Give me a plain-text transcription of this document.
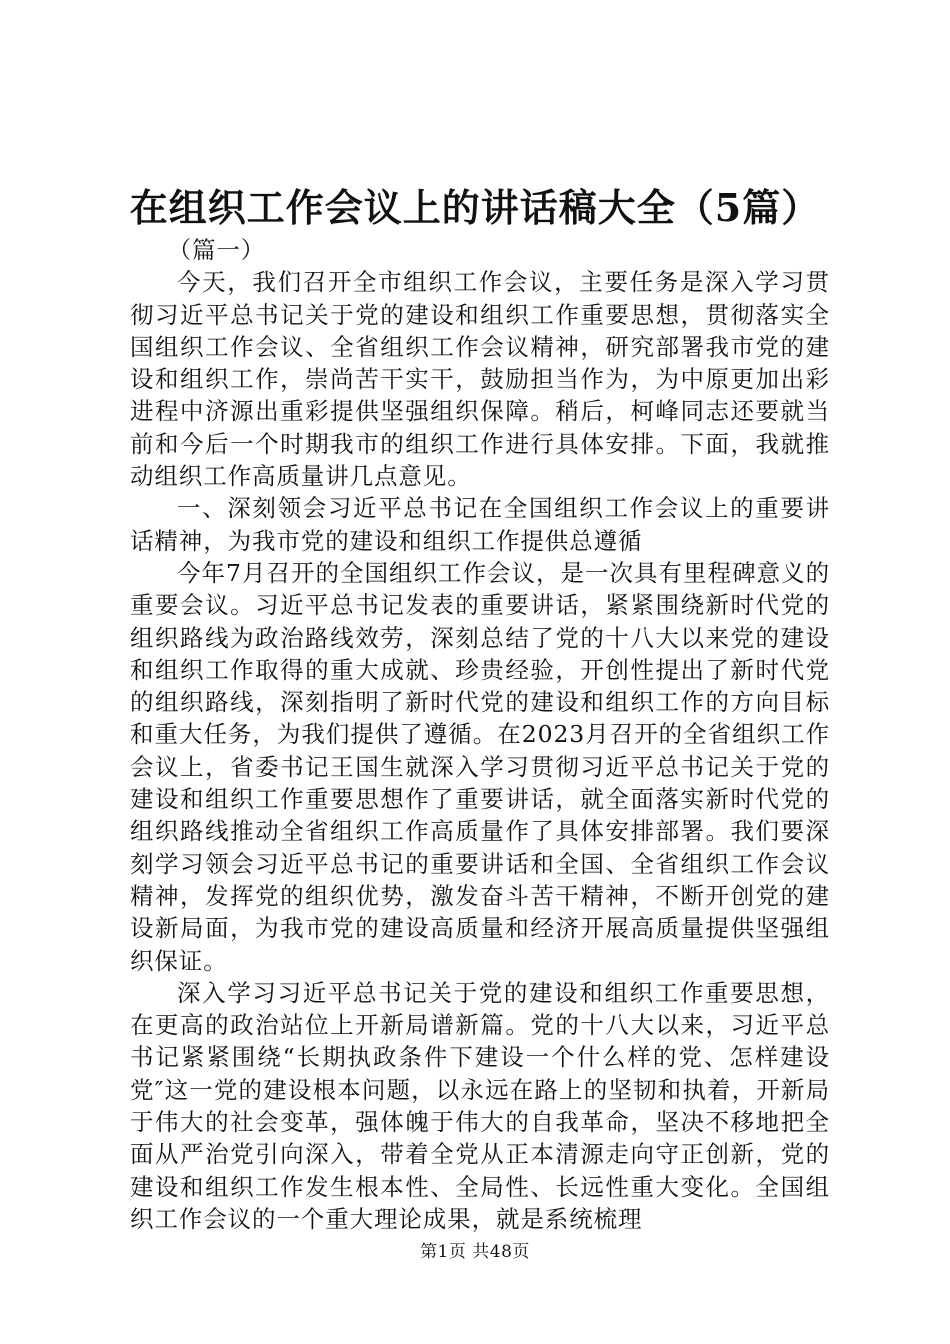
在组织工作会议上的讲话稿大全（5篇）

（篇一）

今天，我们召开全市组织工作会议，主要任务是深入学习贯彻习近平总书记关于党的建设和组织工作重要思想，贯彻落实全国组织工作会议、全省组织工作会议精神，研究部署我市党的建设和组织工作，崇尚苦干实干，鼓励担当作为，为中原更加出彩进程中济源出重彩提供坚强组织保障。稍后，柯峰同志还要就当前和今后一个时期我市的组织工作进行具体安排。下面，我就推动组织工作高质量讲几点意见。

一、深刻领会习近平总书记在全国组织工作会议上的重要讲话精神，为我市党的建设和组织工作提供总遵循

今年7月召开的全国组织工作会议，是一次具有里程碑意义的重要会议。习近平总书记发表的重要讲话，紧紧围绕新时代党的组织路线为政治路线效劳，深刻总结了党的十八大以来党的建设和组织工作取得的重大成就、珍贵经验，开创性提出了新时代党的组织路线，深刻指明了新时代党的建设和组织工作的方向目标和重大任务，为我们提供了遵循。在2023月召开的全省组织工作会议上，省委书记王国生就深入学习贯彻习近平总书记关于党的建设和组织工作重要思想作了重要讲话，就全面落实新时代党的组织路线推动全省组织工作高质量作了具体安排部署。我们要深刻学习领会习近平总书记的重要讲话和全国、全省组织工作会议精神，发挥党的组织优势，激发奋斗苦干精神，不断开创党的建设新局面，为我市党的建设高质量和经济开展高质量提供坚强组织保证。

深入学习习近平总书记关于党的建设和组织工作重要思想，在更高的政治站位上开新局谱新篇。党的十八大以来，习近平总书记紧紧围绕“长期执政条件下建设一个什么样的党、怎样建设党″这一党的建设根本问题，以永远在路上的坚韧和执着，开新局于伟大的社会变革，强体魄于伟大的自我革命，坚决不移地把全面从严治党引向深入，带着全党从正本清源走向守正创新，党的建设和组织工作发生根本性、全局性、长远性重大变化。全国组织工作会议的一个重大理论成果，就是系统梳理

第1页 共48页
